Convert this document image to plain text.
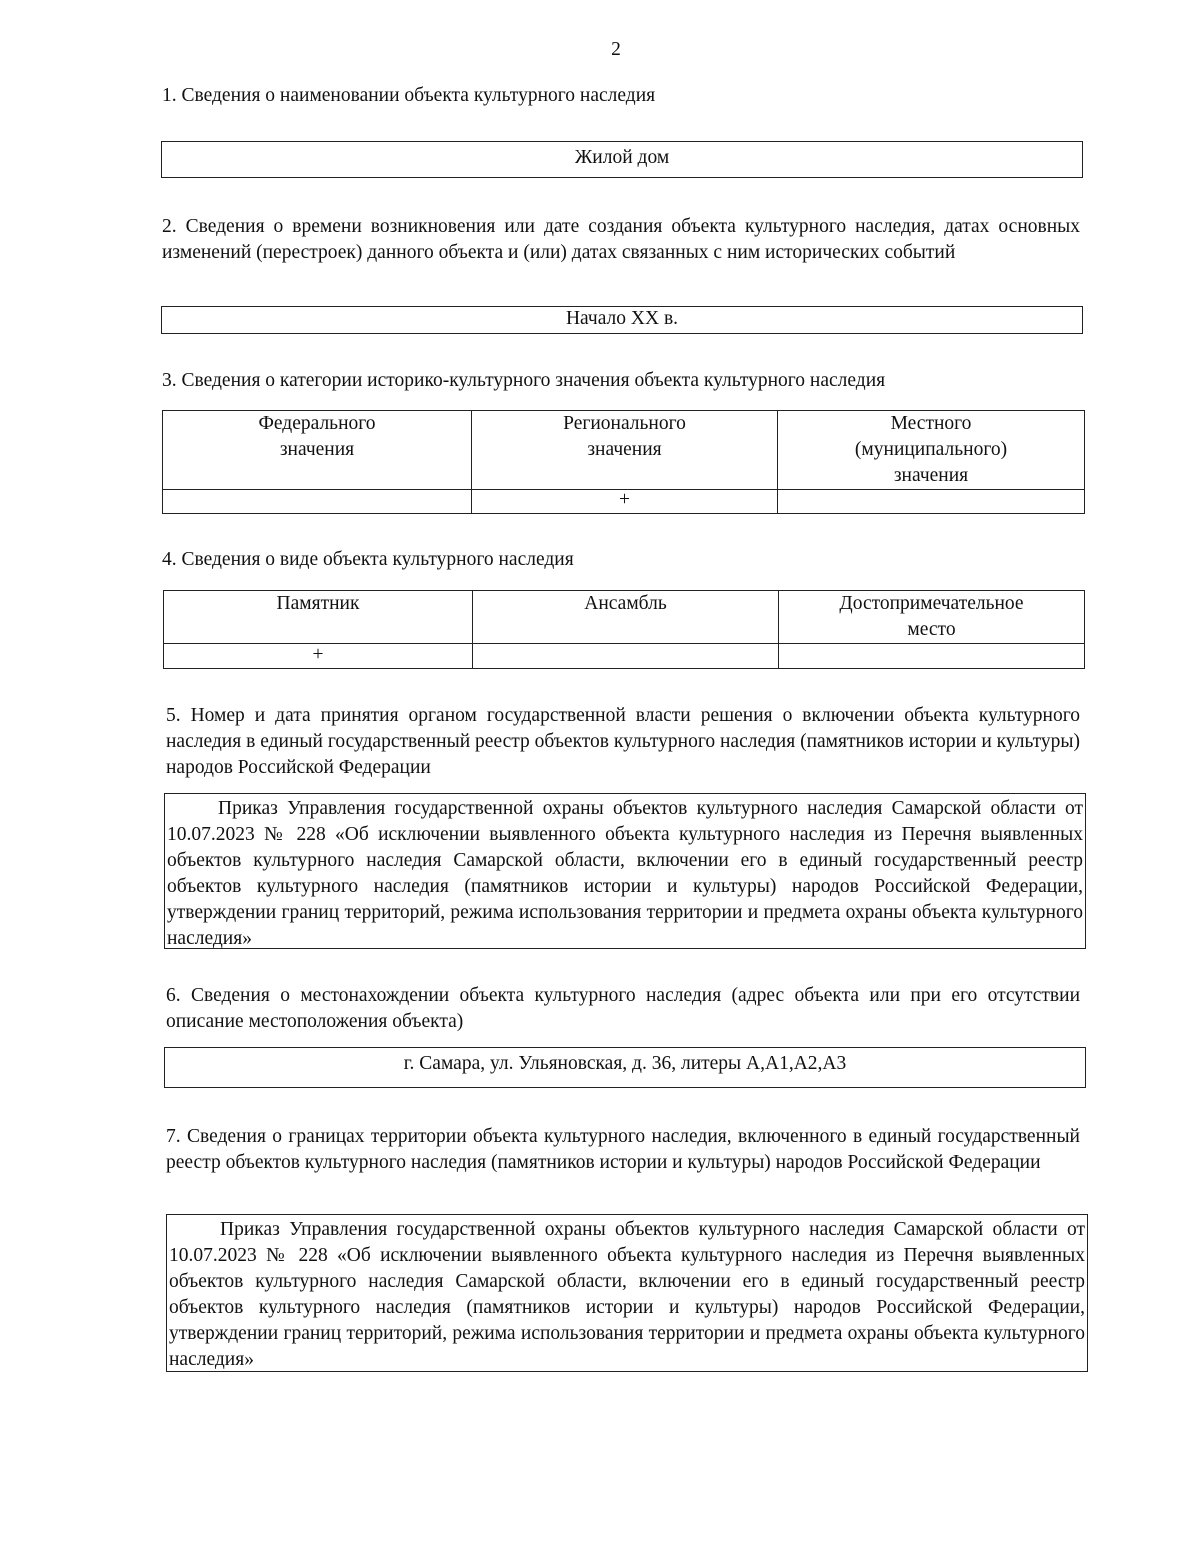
2
1. Сведения о наименовании объекта культурного наследия
Жилой дом
2. Сведения о времени возникновения или дате создания объекта культурного наследия, датах основных изменений (перестроек) данного объекта и (или) датах связанных с ним исторических событий
Начало XX в.
3. Сведения о категории историко-культурного значения объекта культурного наследия
Федерального значения	Регионального значения	Местного (муниципального) значения
	+	
4. Сведения о виде объекта культурного наследия
Памятник	Ансамбль	Достопримечательное место
+		
5. Номер и дата принятия органом государственной власти решения о включении объекта культурного наследия в единый государственный реестр объектов культурного наследия (памятников истории и культуры) народов Российской Федерации
Приказ Управления государственной охраны объектов культурного наследия Самарской области от 10.07.2023 № 228 «Об исключении выявленного объекта культурного наследия из Перечня выявленных объектов культурного наследия Самарской области, включении его в единый государственный реестр объектов культурного наследия (памятников истории и культуры) народов Российской Федерации, утверждении границ территорий, режима использования территории и предмета охраны объекта культурного наследия»
6. Сведения о местонахождении объекта культурного наследия (адрес объекта или при его отсутствии описание местоположения объекта)
г. Самара, ул. Ульяновская, д. 36, литеры А,А1,А2,А3
7. Сведения о границах территории объекта культурного наследия, включенного в единый государственный реестр объектов культурного наследия (памятников истории и культуры) народов Российской Федерации
Приказ Управления государственной охраны объектов культурного наследия Самарской области от 10.07.2023 № 228 «Об исключении выявленного объекта культурного наследия из Перечня выявленных объектов культурного наследия Самарской области, включении его в единый государственный реестр объектов культурного наследия (памятников истории и культуры) народов Российской Федерации, утверждении границ территорий, режима использования территории и предмета охраны объекта культурного наследия»
